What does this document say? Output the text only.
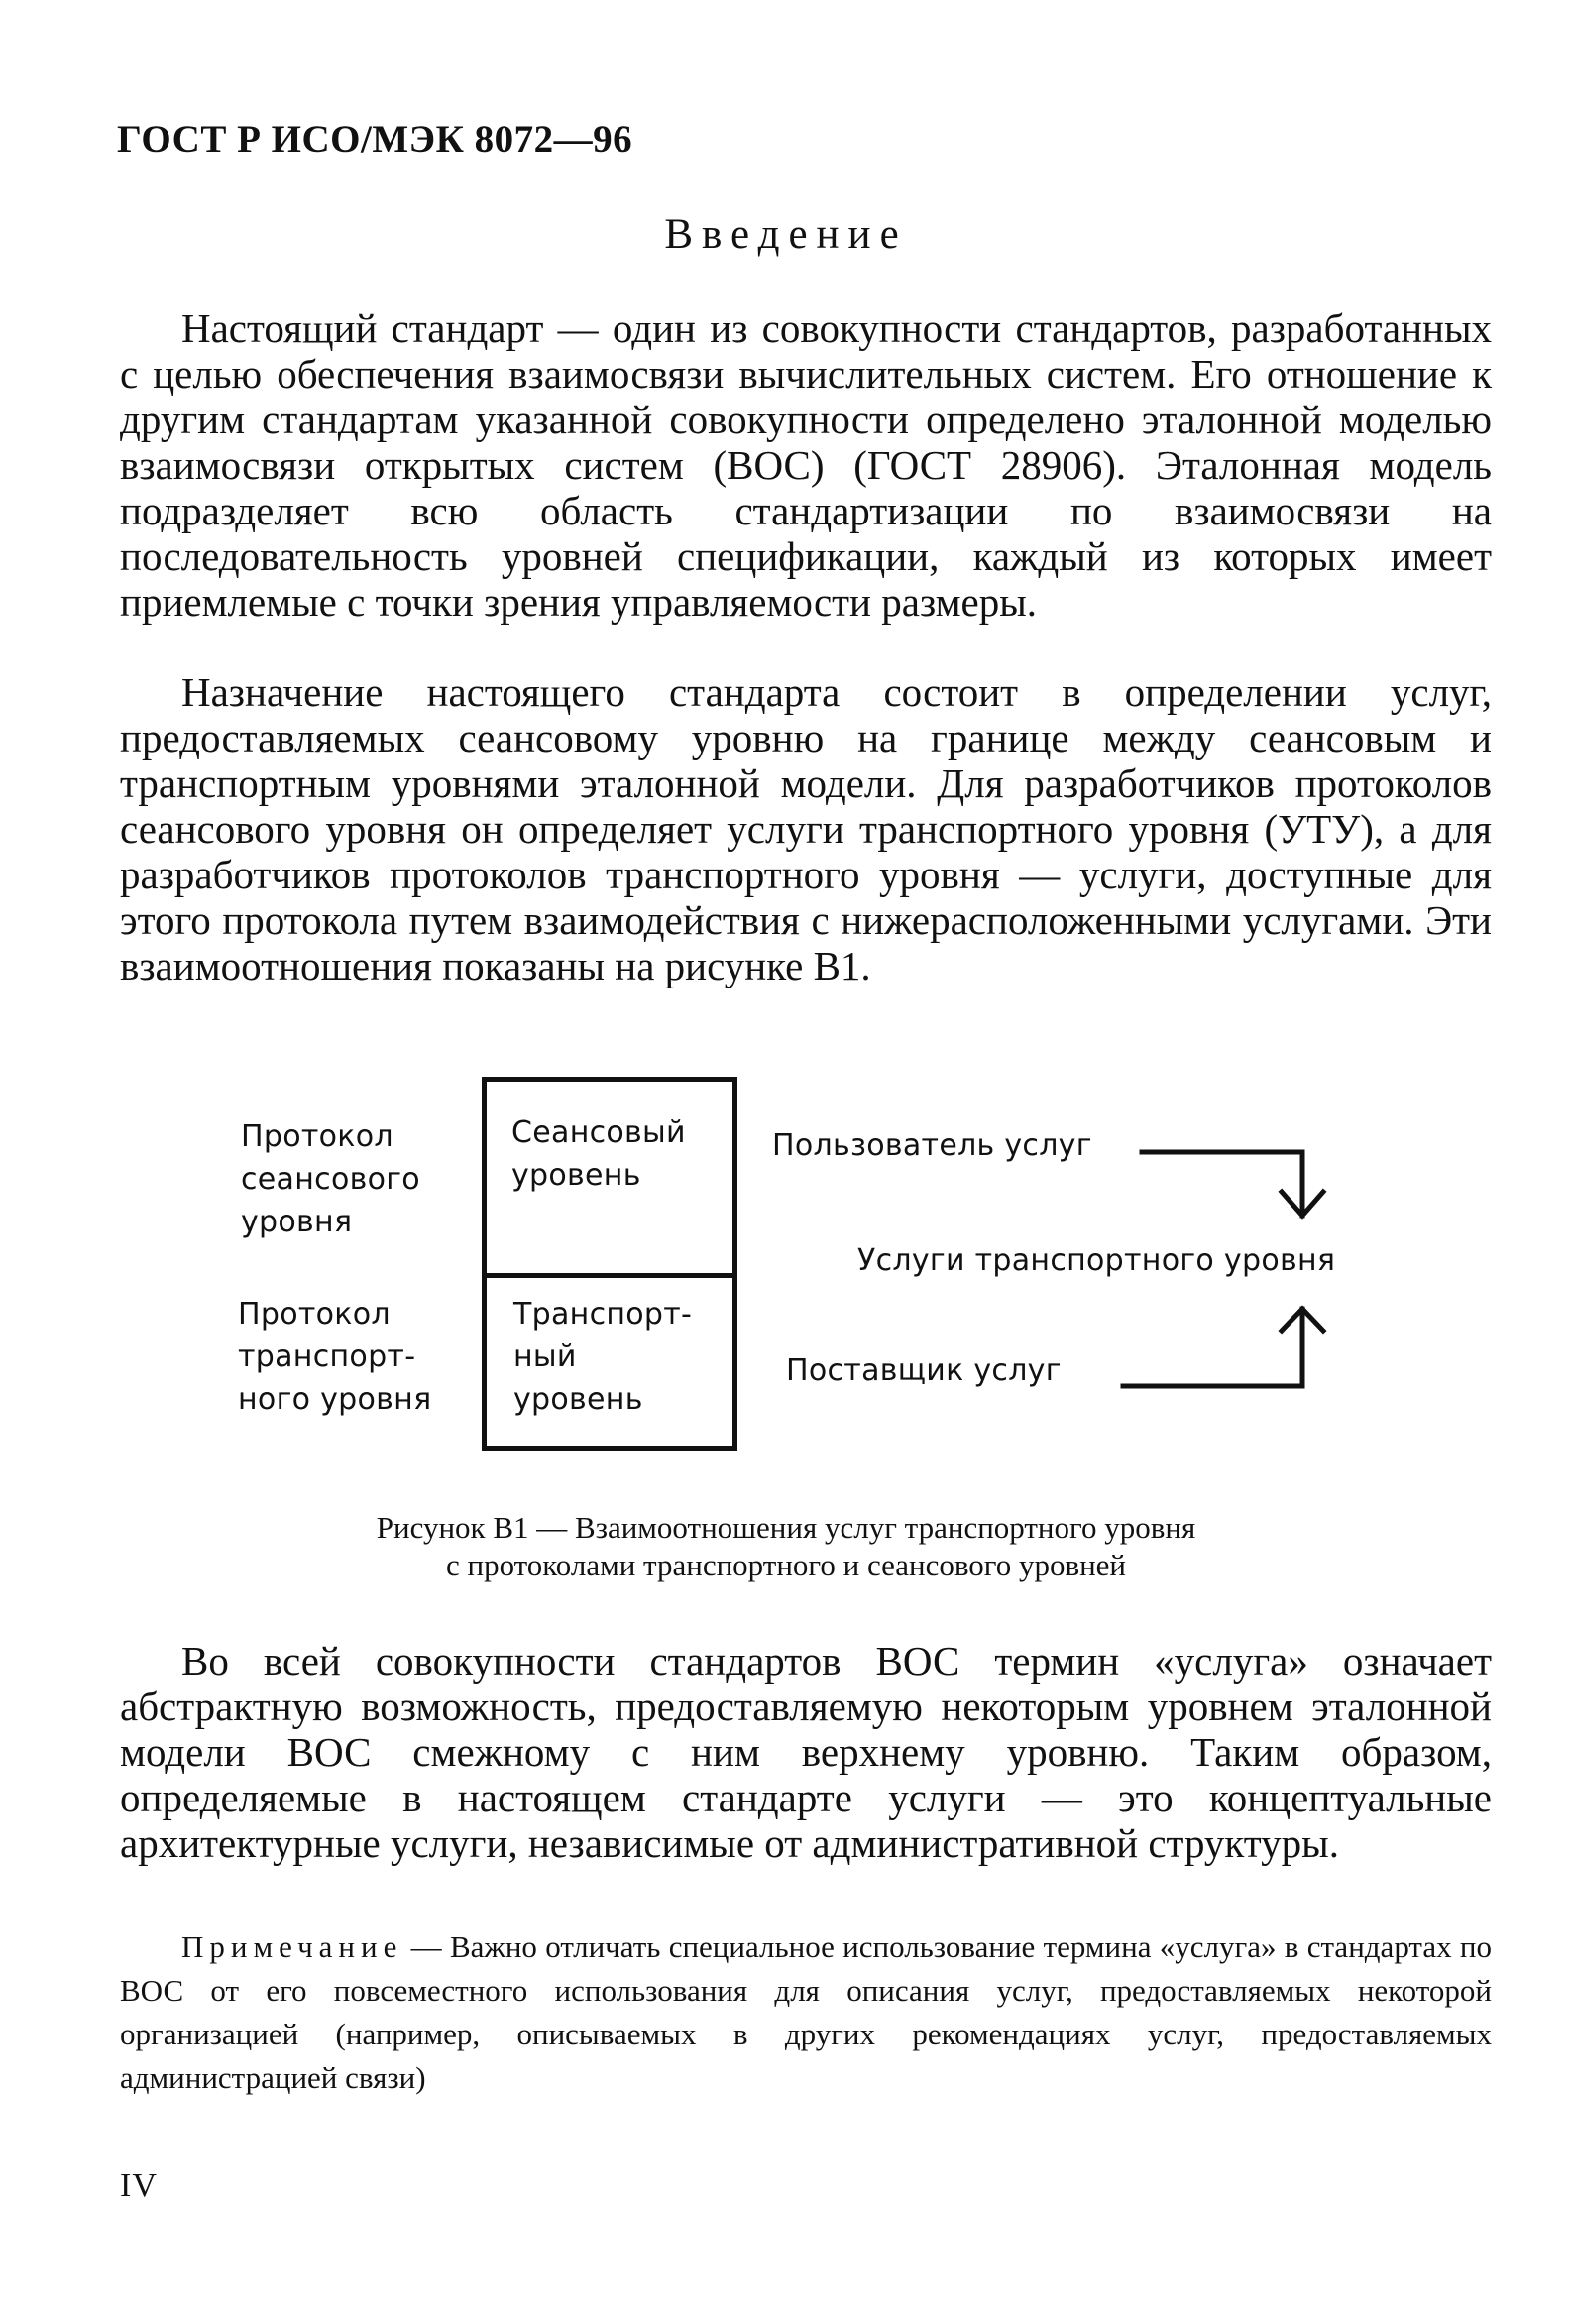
ГОСТ Р ИСО/МЭК 8072—96
Введение

Настоящий стандарт — один из совокупности стандартов, разработанных с целью обеспечения взаимосвязи вычислительных систем. Его отношение к другим стандартам указанной совокупности определено эталонной моделью взаимосвязи открытых систем (ВОС) (ГОСТ 28906). Эталонная модель подразделяет всю область стандартизации по взаимосвязи на последовательность уровней спецификации, каждый из которых имеет приемлемые с точки зрения управляемости размеры.

Назначение настоящего стандарта состоит в определении услуг, предоставляемых сеансовому уровню на границе между сеансовым и транспортным уровнями эталонной модели. Для разработчиков протоколов сеансового уровня он определяет услуги транспортного уровня (УТУ), а для разработчиков протоколов транспортного уровня — услуги, доступные для этого протокола путем взаимодействия с нижерасположенными услугами. Эти взаимоотношения показаны на рисунке В1.

Протокол
сеансового
уровня
Протокол
транспорт-
ного уровня
Сеансовый
уровень
Транспорт-
ный
уровень
Пользователь услуг
Услуги транспортного уровня
Поставщик услуг
Рисунок В1 — Взаимоотношения услуг транспортного уровня
с протоколами транспортного и сеансового уровней

Во всей совокупности стандартов ВОС термин «услуга» означает абстрактную возможность, предоставляемую некоторым уровнем эталонной модели ВОС смежному с ним верхнему уровню. Таким образом, определяемые в настоящем стандарте услуги — это концептуальные архитектурные услуги, независимые от административной структуры.

Примечание — Важно отличать специальное использование термина «услуга» в стандартах по ВОС от его повсеместного использования для описания услуг, предоставляемых некоторой организацией (например, описываемых в других рекомендациях услуг, предоставляемых администрацией связи)

IV
